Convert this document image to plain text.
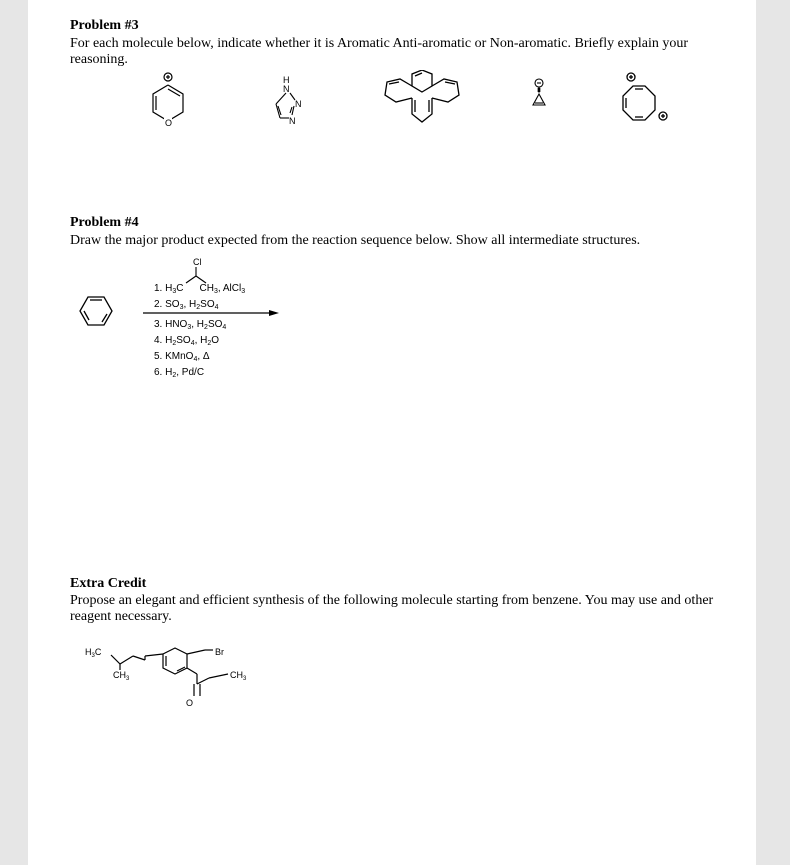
Problem #3
For each molecule below, indicate whether it is Aromatic Anti-aromatic or Non-aromatic. Briefly explain your reasoning.
O
H
N
N
N
Problem #4
Draw the major product expected from the reaction sequence below. Show all intermediate structures.
Cl
1. $H_3C$ $CH_3$, AlCl$_3$
2. $SO_3$, $H_2SO_4$
3. $HNO_3$, $H_2SO_4$
4. $H_2SO_4$, $H_2O$
5. KMnO$_4$, Δ
6. $H_2$, Pd/C
Extra Credit
Propose an elegant and efficient synthesis of the following molecule starting from benzene. You may use and other reagent necessary.
$H_3C$
$CH_3$
Br
$CH_3$
O
